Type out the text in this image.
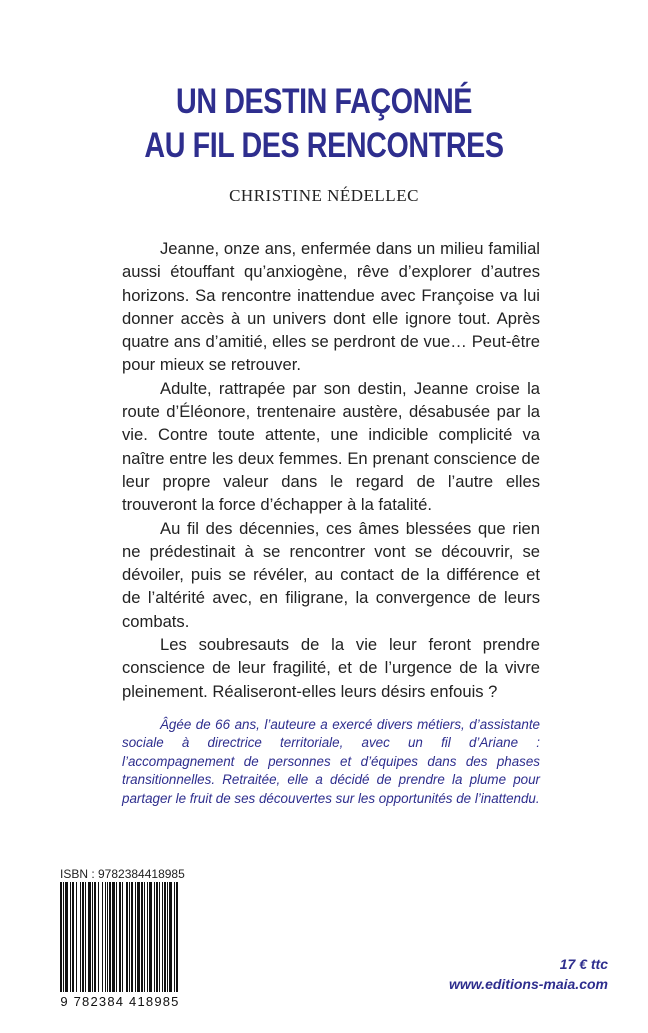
UN DESTIN FAÇONNÉ
AU FIL DES RENCONTRES
CHRISTINE NÉDELLEC

Jeanne, onze ans, enfermée dans un milieu familial aussi étouffant qu’anxiogène, rêve d’explorer d’autres horizons. Sa rencontre inattendue avec Françoise va lui donner accès à un univers dont elle ignore tout. Après quatre ans d’amitié, elles se perdront de vue… Peut-être pour mieux se retrouver.

Adulte, rattrapée par son destin, Jeanne croise la route d’Éléonore, trentenaire austère, désabusée par la vie. Contre toute attente, une indicible complicité va naître entre les deux femmes. En prenant conscience de leur propre valeur dans le regard de l’autre elles trouveront la force d’échapper à la fatalité.

Au fil des décennies, ces âmes blessées que rien ne prédestinait à se rencontrer vont se découvrir, se dévoiler, puis se révéler, au contact de la différence et de l’altérité avec, en filigrane, la convergence de leurs combats.

Les soubresauts de la vie leur feront prendre conscience de leur fragilité, et de l’urgence de la vivre pleinement. Réaliseront-elles leurs désirs enfouis ?

Âgée de 66 ans, l’auteure a exercé divers métiers, d’assistante sociale à directrice territoriale, avec un fil d’Ariane : l’accompagnement de personnes et d’équipes dans des phases transitionnelles. Retraitée, elle a décidé de prendre la plume pour partager le fruit de ses découvertes sur les opportunités de l’inattendu.

ISBN : 9782384418985
9 782384 418985
17 € ttc
www.editions-maia.com
